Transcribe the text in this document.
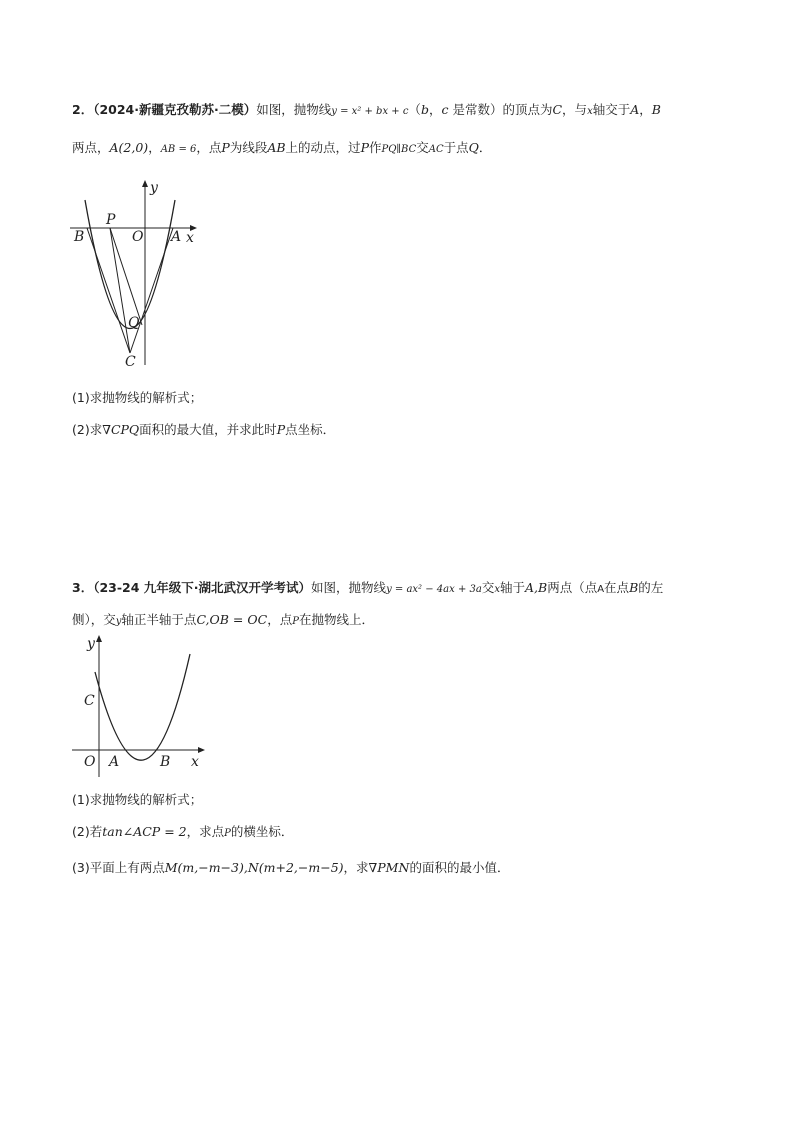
2．（2024·新疆克孜勒苏·二模）如图，抛物线y = x² + bx + c（b，c 是常数）的顶点为C，与x轴交于A，B
两点，A(2,0)，AB = 6，点P为线段AB上的动点，过P作PQ∥BC交AC于点Q．
y
x
P
B	O A
Q
C
(1)求抛物线的解析式；
(2)求∇CPQ面积的最大值，并求此时P点坐标．
3．（23-24 九年级下·湖北武汉开学考试）如图，抛物线y = ax² − 4ax + 3a交x轴于A,B两点（点A在点B的左
侧），交y轴正半轴于点C,OB = OC，点P在抛物线上．
y
C
O A	B x
(1)求抛物线的解析式；
(2)若tan∠ACP = 2，求点P的横坐标．
(3)平面上有两点M(m,−m−3),N(m+2,−m−5)，求∇PMN的面积的最小值．
